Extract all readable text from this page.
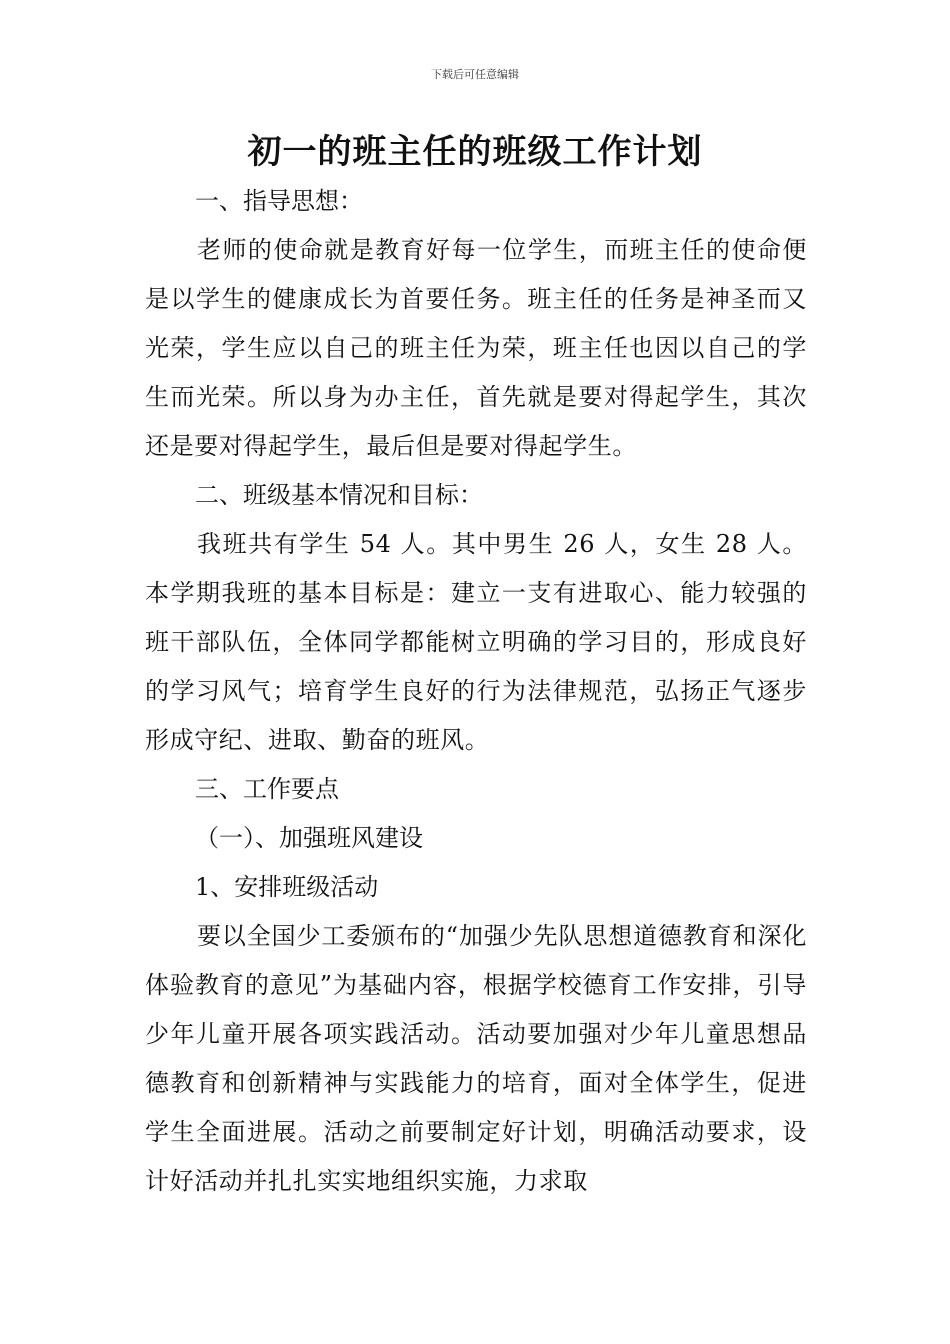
下载后可任意编辑
初一的班主任的班级工作计划

一、指导思想：

老师的使命就是教育好每一位学生，而班主任的使命便是以学生的健康成长为首要任务。班主任的任务是神圣而又光荣，学生应以自己的班主任为荣，班主任也因以自己的学生而光荣。所以身为办主任，首先就是要对得起学生，其次还是要对得起学生，最后但是要对得起学生。

二、班级基本情况和目标：

我班共有学生 54 人。其中男生 26 人，女生 28 人。本学期我班的基本目标是：建立一支有进取心、能力较强的班干部队伍，全体同学都能树立明确的学习目的，形成良好的学习风气；培育学生良好的行为法律规范，弘扬正气逐步形成守纪、进取、勤奋的班风。

三、工作要点

（一）、加强班风建设

1、安排班级活动

要以全国少工委颁布的“加强少先队思想道德教育和深化体验教育的意见”为基础内容，根据学校德育工作安排，引导少年儿童开展各项实践活动。活动要加强对少年儿童思想品德教育和创新精神与实践能力的培育，面对全体学生，促进学生全面进展。活动之前要制定好计划，明确活动要求，设计好活动并扎扎实实地组织实施，力求取
